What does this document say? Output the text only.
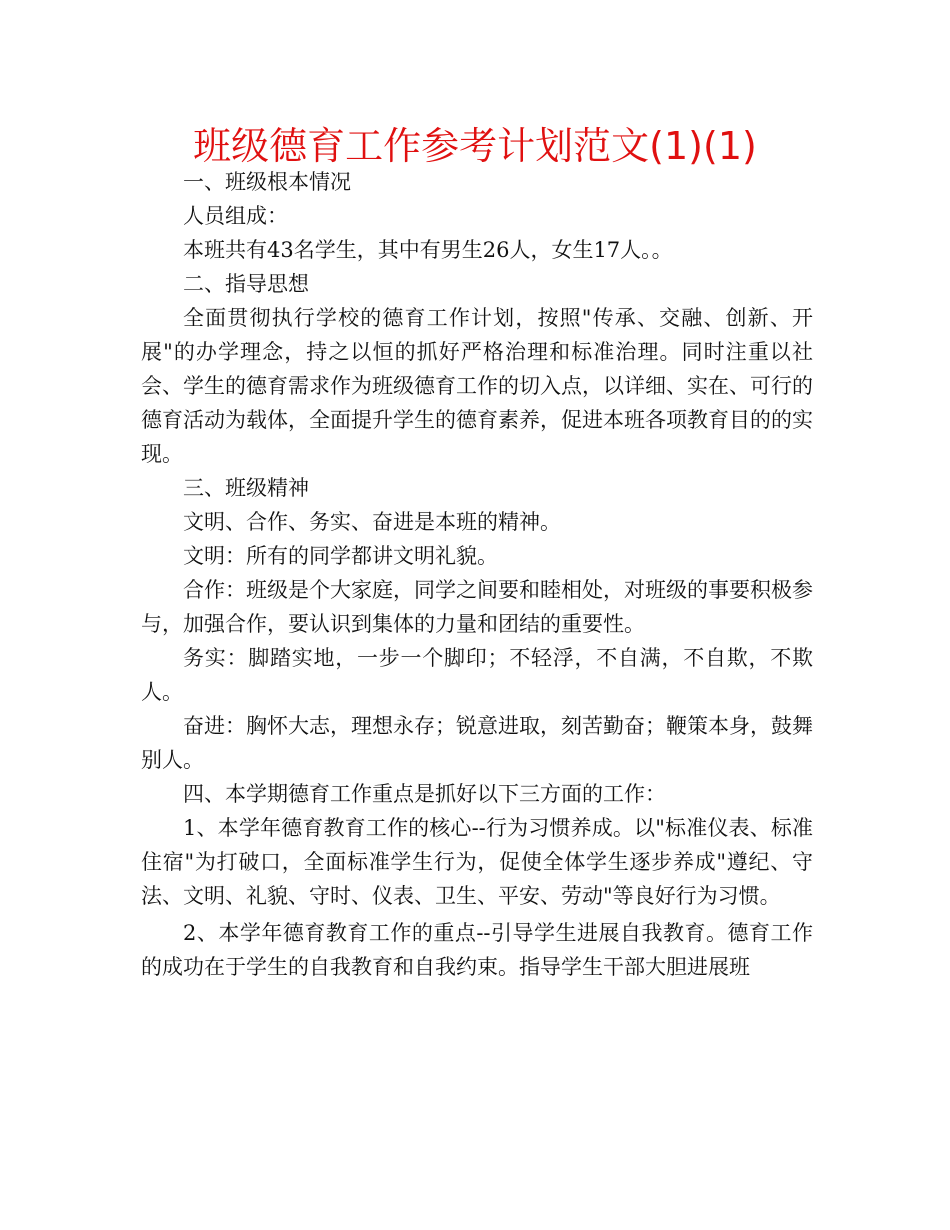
班级德育工作参考计划范文(1)(1)

一、班级根本情况

人员组成：

本班共有43名学生，其中有男生26人，女生17人。。

二、指导思想

全面贯彻执行学校的德育工作计划，按照"传承、交融、创新、开展"的办学理念，持之以恒的抓好严格治理和标准治理。同时注重以社会、学生的德育需求作为班级德育工作的切入点，以详细、实在、可行的德育活动为载体，全面提升学生的德育素养，促进本班各项教育目的的实现。

三、班级精神

文明、合作、务实、奋进是本班的精神。

文明：所有的同学都讲文明礼貌。

合作：班级是个大家庭，同学之间要和睦相处，对班级的事要积极参与，加强合作，要认识到集体的力量和团结的重要性。

务实：脚踏实地，一步一个脚印；不轻浮，不自满，不自欺，不欺人。

奋进：胸怀大志，理想永存；锐意进取，刻苦勤奋；鞭策本身，鼓舞别人。

四、本学期德育工作重点是抓好以下三方面的工作：

1、本学年德育教育工作的核心--行为习惯养成。以"标准仪表、标准住宿"为打破口，全面标准学生行为，促使全体学生逐步养成"遵纪、守法、文明、礼貌、守时、仪表、卫生、平安、劳动"等良好行为习惯。

2、本学年德育教育工作的重点--引导学生进展自我教育。德育工作的成功在于学生的自我教育和自我约束。指导学生干部大胆进展班
